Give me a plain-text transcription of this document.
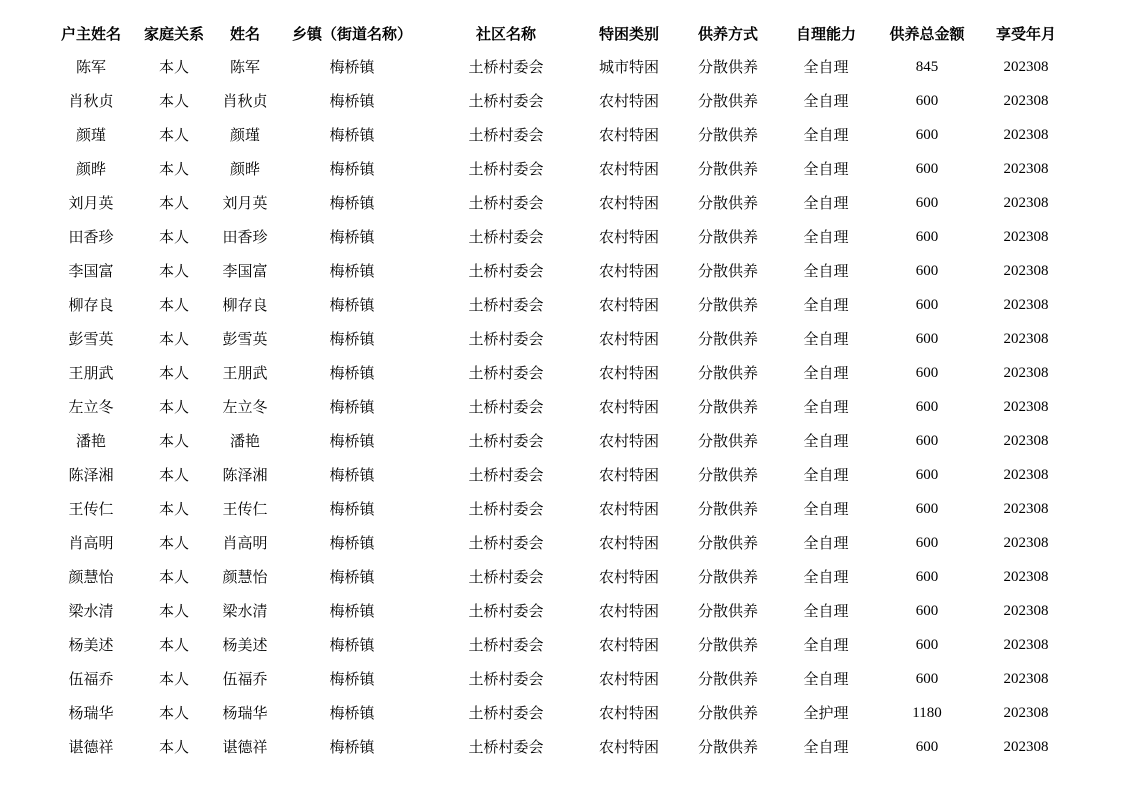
户主姓名	家庭关系	姓名	乡镇（街道名称）	社区名称	特困类别	供养方式	自理能力	供养总金额	享受年月
陈军	本人	陈军	梅桥镇	土桥村委会	城市特困	分散供养	全自理	845	202308
肖秋贞	本人	肖秋贞	梅桥镇	土桥村委会	农村特困	分散供养	全自理	600	202308
颜瑾	本人	颜瑾	梅桥镇	土桥村委会	农村特困	分散供养	全自理	600	202308
颜晔	本人	颜晔	梅桥镇	土桥村委会	农村特困	分散供养	全自理	600	202308
刘月英	本人	刘月英	梅桥镇	土桥村委会	农村特困	分散供养	全自理	600	202308
田香珍	本人	田香珍	梅桥镇	土桥村委会	农村特困	分散供养	全自理	600	202308
李国富	本人	李国富	梅桥镇	土桥村委会	农村特困	分散供养	全自理	600	202308
柳存良	本人	柳存良	梅桥镇	土桥村委会	农村特困	分散供养	全自理	600	202308
彭雪英	本人	彭雪英	梅桥镇	土桥村委会	农村特困	分散供养	全自理	600	202308
王朋武	本人	王朋武	梅桥镇	土桥村委会	农村特困	分散供养	全自理	600	202308
左立冬	本人	左立冬	梅桥镇	土桥村委会	农村特困	分散供养	全自理	600	202308
潘艳	本人	潘艳	梅桥镇	土桥村委会	农村特困	分散供养	全自理	600	202308
陈泽湘	本人	陈泽湘	梅桥镇	土桥村委会	农村特困	分散供养	全自理	600	202308
王传仁	本人	王传仁	梅桥镇	土桥村委会	农村特困	分散供养	全自理	600	202308
肖高明	本人	肖高明	梅桥镇	土桥村委会	农村特困	分散供养	全自理	600	202308
颜慧怡	本人	颜慧怡	梅桥镇	土桥村委会	农村特困	分散供养	全自理	600	202308
梁水清	本人	梁水清	梅桥镇	土桥村委会	农村特困	分散供养	全自理	600	202308
杨美述	本人	杨美述	梅桥镇	土桥村委会	农村特困	分散供养	全自理	600	202308
伍福乔	本人	伍福乔	梅桥镇	土桥村委会	农村特困	分散供养	全自理	600	202308
杨瑞华	本人	杨瑞华	梅桥镇	土桥村委会	农村特困	分散供养	全护理	1180	202308
谌德祥	本人	谌德祥	梅桥镇	土桥村委会	农村特困	分散供养	全自理	600	202308
